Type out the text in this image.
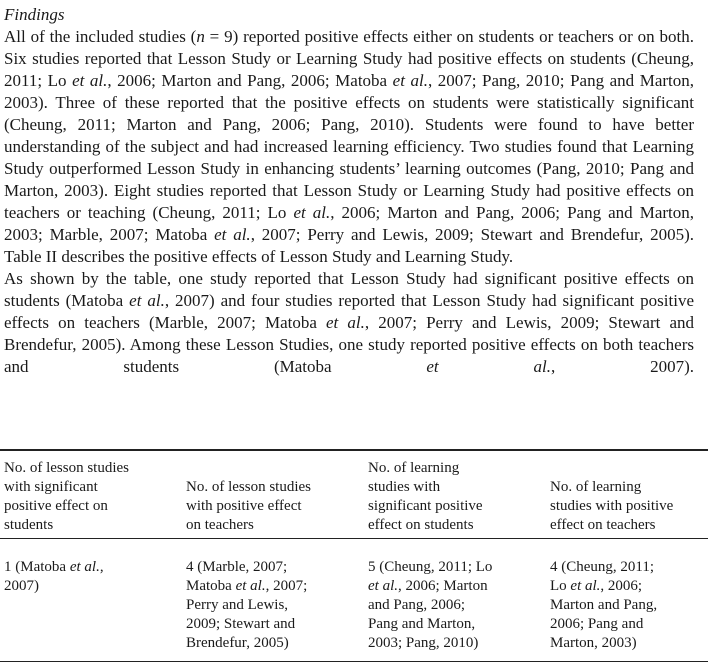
Findings

All of the included studies (n = 9) reported positive effects either on students or teachers or on both. Six studies reported that Lesson Study or Learning Study had positive effects on students (Cheung, 2011; Lo et al., 2006; Marton and Pang, 2006; Matoba et al., 2007; Pang, 2010; Pang and Marton, 2003). Three of these reported that the positive effects on students were statistically significant (Cheung, 2011; Marton and Pang, 2006; Pang, 2010). Students were found to have better understanding of the subject and had increased learning efficiency. Two studies found that Learning Study outperformed Lesson Study in enhancing students’ learning outcomes (Pang, 2010; Pang and Marton, 2003). Eight studies reported that Lesson Study or Learning Study had positive effects on teachers or teaching (Cheung, 2011; Lo et al., 2006; Marton and Pang, 2006; Pang and Marton, 2003; Marble, 2007; Matoba et al., 2007; Perry and Lewis, 2009; Stewart and Brendefur, 2005). Table II describes the positive effects of Lesson Study and Learning Study.

As shown by the table, one study reported that Lesson Study had significant positive effects on students (Matoba et al., 2007) and four studies reported that Lesson Study had significant positive effects on teachers (Marble, 2007; Matoba et al., 2007; Perry and Lewis, 2009; Stewart and Brendefur, 2005). Among these Lesson Studies, one study reported positive effects on both teachers and students (Matoba et al., 2007).

No. of lesson studies
with significant
positive effect on
students
No. of lesson studies
with positive effect
on teachers
No. of learning
studies with
significant positive
effect on students
No. of learning
studies with positive
effect on teachers
1 (Matoba et al.,
2007)
4 (Marble, 2007;
Matoba et al., 2007;
Perry and Lewis,
2009; Stewart and
Brendefur, 2005)
5 (Cheung, 2011; Lo
et al., 2006; Marton
and Pang, 2006;
Pang and Marton,
2003; Pang, 2010)
4 (Cheung, 2011;
Lo et al., 2006;
Marton and Pang,
2006; Pang and
Marton, 2003)
